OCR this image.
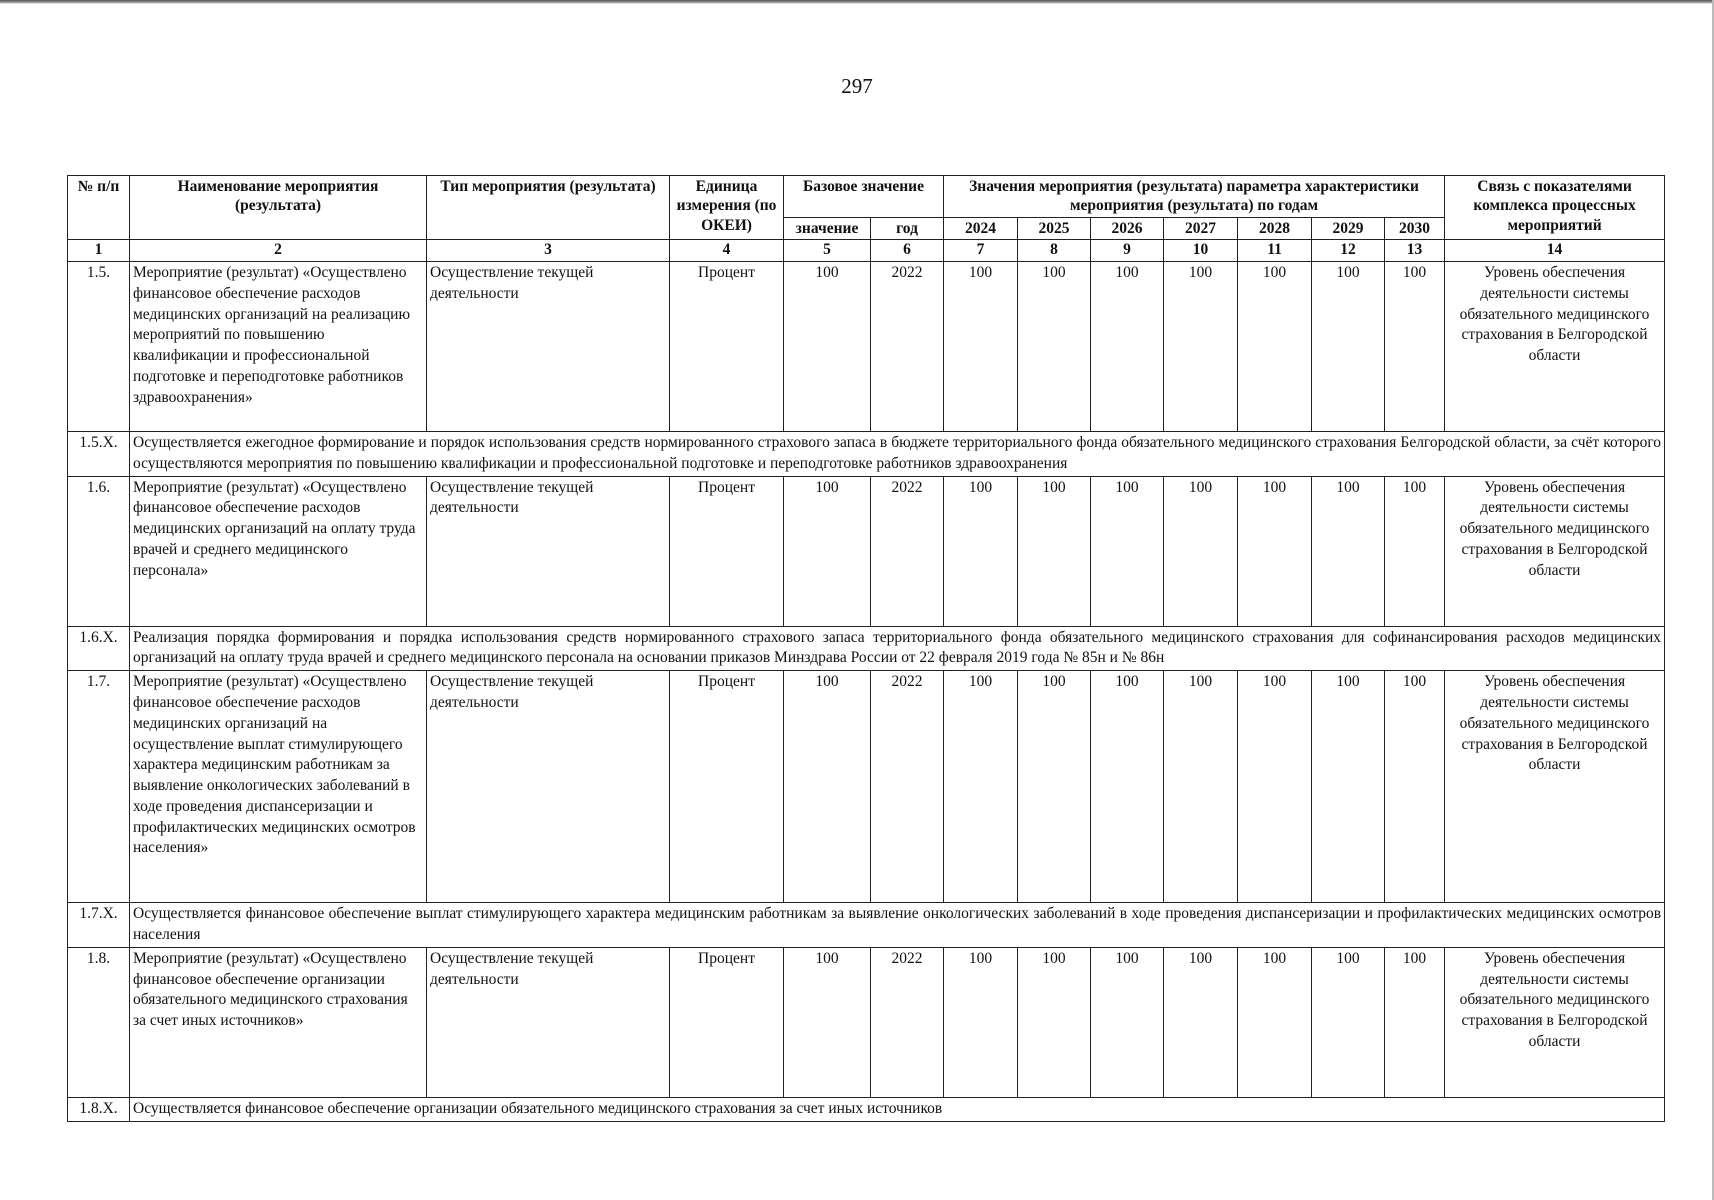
297
№ п/п	Наименование мероприятия (результата)	Тип мероприятия (результата)	Единица измерения (по ОКЕИ)	Базовое значение		Значения мероприятия (результата) параметра характеристики мероприятия (результата) по годам							Связь с показателями комплекса процессных мероприятий
				значение	год	2024	2025	2026	2027	2028	2029	2030	
1	2	3	4	5	6	7	8	9	10	11	12	13	14
1.5.	Мероприятие (результат) «Осуществлено финансовое обеспечение расходов медицинских организаций на реализацию мероприятий по повышению квалификации и профессиональной подготовке и переподготовке работников здравоохранения»	Осуществление текущей деятельности	Процент	100	2022	100	100	100	100	100	100	100	Уровень обеспечения деятельности системы обязательного медицинского страхования в Белгородской области
1.5.Х.	Осуществляется ежегодное формирование и порядок использования средств нормированного страхового запаса в бюджете территориального фонда обязательного медицинского страхования Белгородской области, за счёт которого осуществляются мероприятия по повышению квалификации и профессиональной подготовке и переподготовке работников здравоохранения												
1.6.	Мероприятие (результат) «Осуществлено финансовое обеспечение расходов медицинских организаций на оплату труда врачей и среднего медицинского персонала»	Осуществление текущей деятельности	Процент	100	2022	100	100	100	100	100	100	100	Уровень обеспечения деятельности системы обязательного медицинского страхования в Белгородской области
1.6.Х.	Реализация порядка формирования и порядка использования средств нормированного страхового запаса территориального фонда обязательного медицинского страхования для софинансирования расходов медицинских организаций на оплату труда врачей и среднего медицинского персонала на основании приказов Минздрава России от 22 февраля 2019 года № 85н и № 86н												
1.7.	Мероприятие (результат) «Осуществлено финансовое обеспечение расходов медицинских организаций на осуществление выплат стимулирующего характера медицинским работникам за выявление онкологических заболеваний в ходе проведения диспансеризации и профилактических медицинских осмотров населения»	Осуществление текущей деятельности	Процент	100	2022	100	100	100	100	100	100	100	Уровень обеспечения деятельности системы обязательного медицинского страхования в Белгородской области
1.7.Х.	Осуществляется финансовое обеспечение выплат стимулирующего характера медицинским работникам за выявление онкологических заболеваний в ходе проведения диспансеризации и профилактических медицинских осмотров населения												
1.8.	Мероприятие (результат) «Осуществлено финансовое обеспечение организации обязательного медицинского страхования за счет иных источников»	Осуществление текущей деятельности	Процент	100	2022	100	100	100	100	100	100	100	Уровень обеспечения деятельности системы обязательного медицинского страхования в Белгородской области
1.8.Х.	Осуществляется финансовое обеспечение организации обязательного медицинского страхования за счет иных источников												
